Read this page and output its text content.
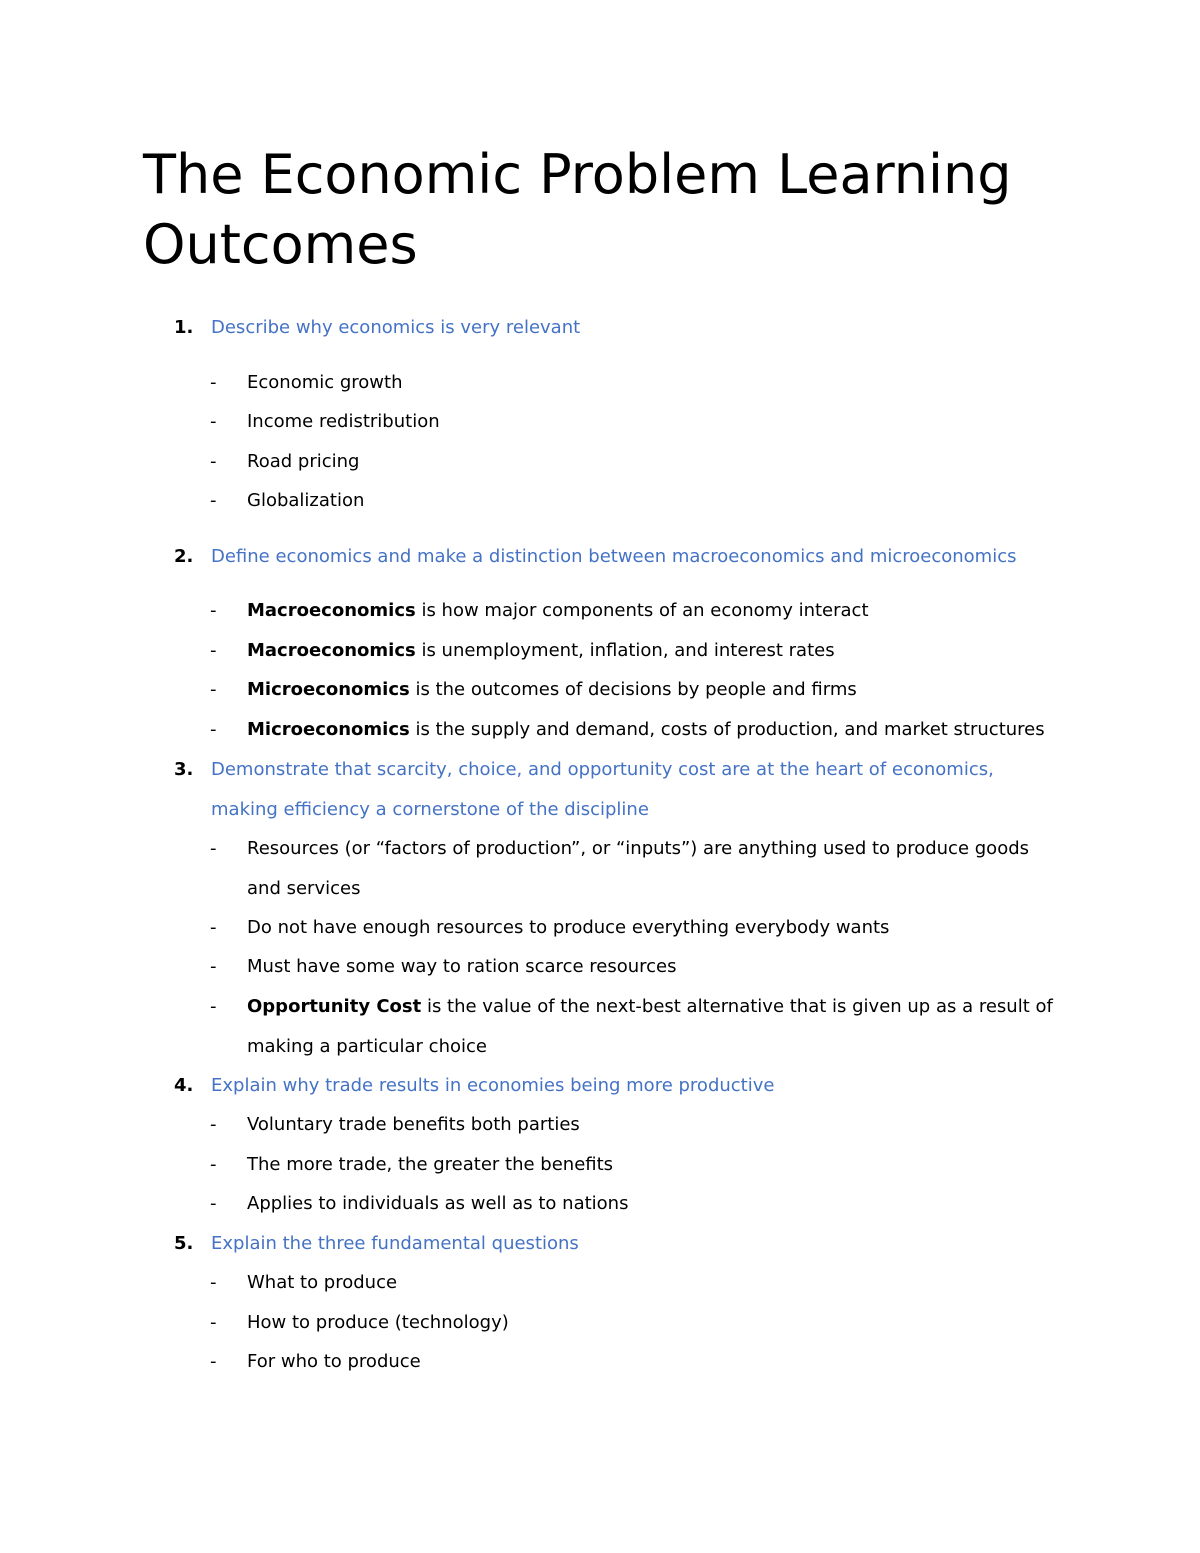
The Economic Problem Learning Outcomes
1. Describe why economics is very relevant
- Economic growth
- Income redistribution
- Road pricing
- Globalization
2. Define economics and make a distinction between macroeconomics and microeconomics
- Macroeconomics is how major components of an economy interact
- Macroeconomics is unemployment, inflation, and interest rates
- Microeconomics is the outcomes of decisions by people and firms
- Microeconomics is the supply and demand, costs of production, and market structures
3. Demonstrate that scarcity, choice, and opportunity cost are at the heart of economics, making efficiency a cornerstone of the discipline
- Resources (or “factors of production”, or “inputs”) are anything used to produce goods and services
- Do not have enough resources to produce everything everybody wants
- Must have some way to ration scarce resources
- Opportunity Cost is the value of the next-best alternative that is given up as a result of making a particular choice
4. Explain why trade results in economies being more productive
- Voluntary trade benefits both parties
- The more trade, the greater the benefits
- Applies to individuals as well as to nations
5. Explain the three fundamental questions
- What to produce
- How to produce (technology)
- For who to produce
